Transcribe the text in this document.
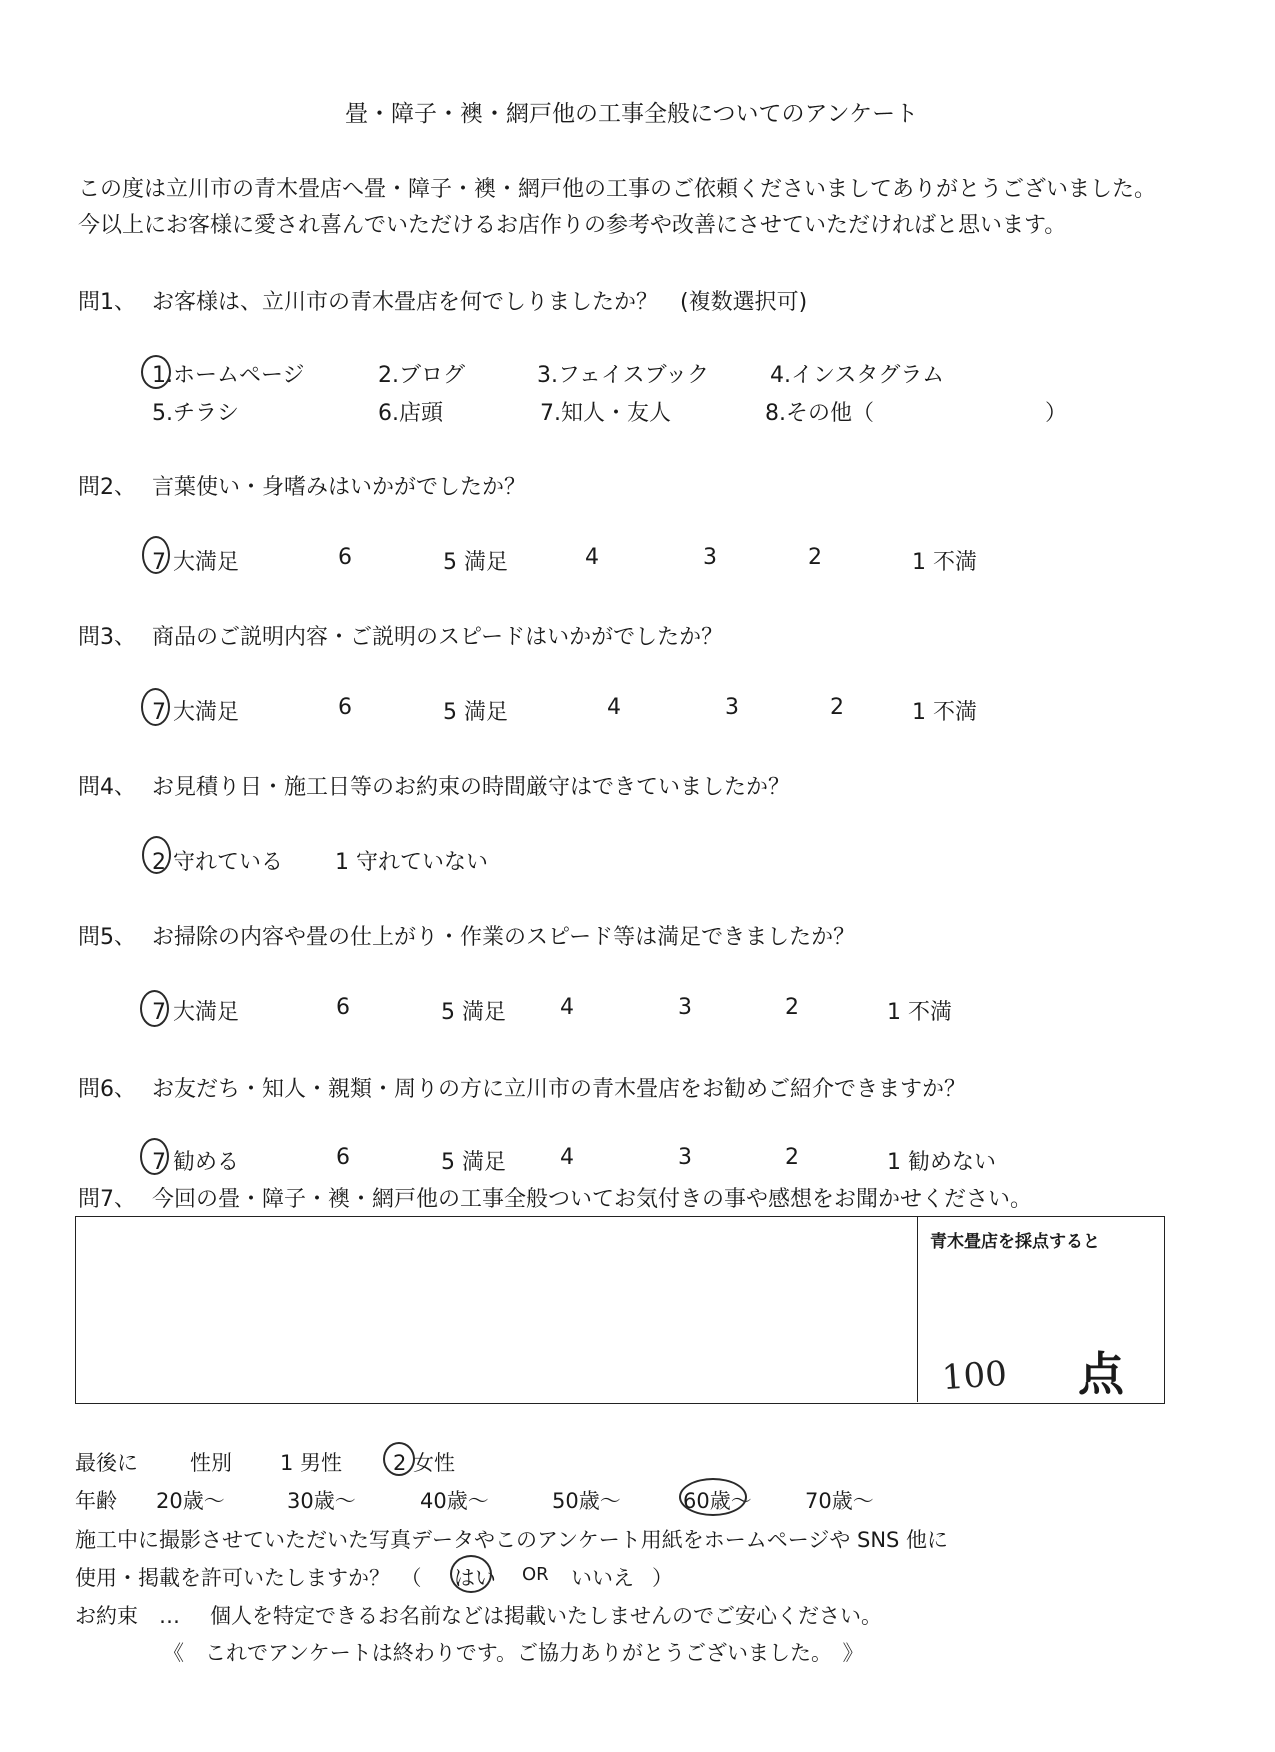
畳・障子・襖・網戸他の工事全般についてのアンケート
この度は立川市の青木畳店へ畳・障子・襖・網戸他の工事のご依頼くださいましてありがとうございました。
今以上にお客様に愛され喜んでいただけるお店作りの参考や改善にさせていただければと思います。
問1、 お客様は、立川市の青木畳店を何でしりましたか？　(複数選択可)
1.ホームページ	2.ブログ	3.フェイスブック	4.インスタグラム
5.チラシ	6.店頭	7.知人・友人	8.その他（	）
問2、 言葉使い・身嗜みはいかがでしたか？
7 大満足	6	5 満足	4	3	2	1 不満
問3、 商品のご説明内容・ご説明のスピードはいかがでしたか？
7 大満足	6	5 満足	4	3	2	1 不満
問4、 お見積り日・施工日等のお約束の時間厳守はできていましたか？
2 守れている 1 守れていない
問5、 お掃除の内容や畳の仕上がり・作業のスピード等は満足できましたか？
7 大満足	6	5 満足 4	3	2	1 不満
問6、 お友だち・知人・親類・周りの方に立川市の青木畳店をお勧めご紹介できますか？
7 勧める	6	5 満足 4	3	2	1 勧めない
問7、 今回の畳・障子・襖・網戸他の工事全般ついてお気付きの事や感想をお聞かせください。
青木畳店を採点すると
100 点
最後に 性別 1 男性 2 女性
年齢 20歳～	30歳～	40歳～	50歳～	60歳～	70歳～
施工中に撮影させていただいた写真データやこのアンケート用紙をホームページや SNS 他に
使用・掲載を許可いたしますか？　（ はい OR いいえ ）
お約束　… 個人を特定できるお名前などは掲載いたしませんのでご安心ください。
《　これでアンケートは終わりです。ご協力ありがとうございました。　》
